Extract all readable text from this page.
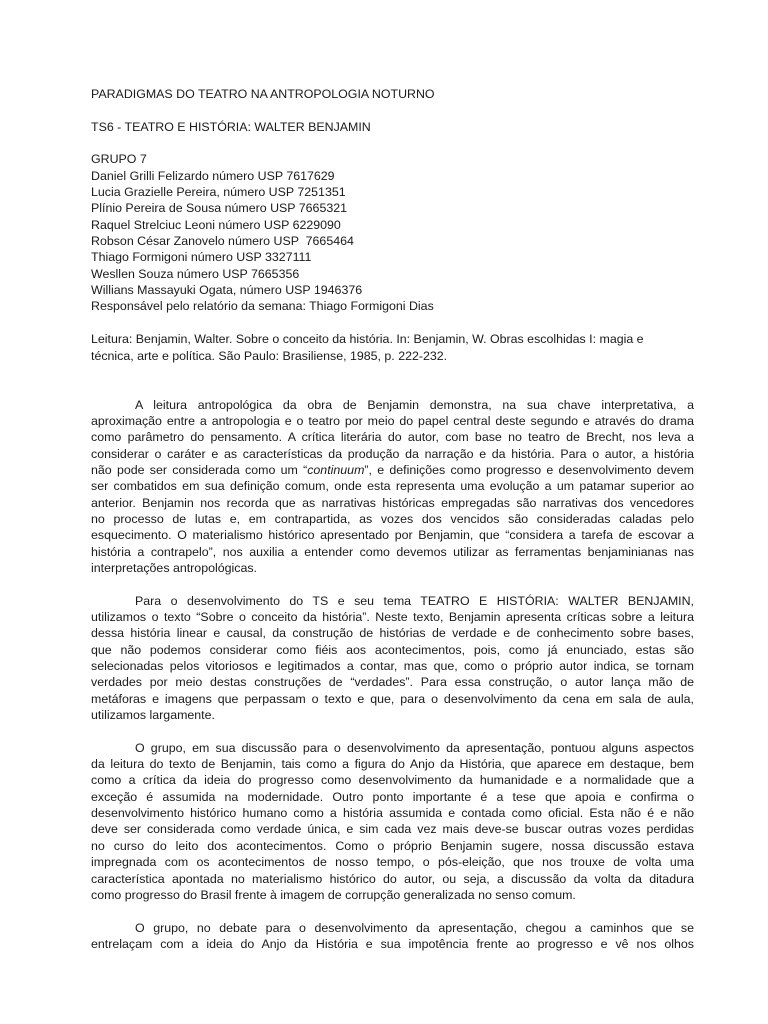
PARADIGMAS DO TEATRO NA ANTROPOLOGIA NOTURNO

TS6 - TEATRO E HISTÓRIA: WALTER BENJAMIN

GRUPO 7

Daniel Grilli Felizardo número USP 7617629

Lucia Grazielle Pereira, número USP 7251351

Plínio Pereira de Sousa número USP 7665321

Raquel Strelciuc Leoni número USP 6229090

Robson César Zanovelo número USP  7665464

Thiago Formigoni número USP 3327111

Wesllen Souza número USP 7665356

Willians Massayuki Ogata, número USP 1946376

Responsável pelo relatório da semana: Thiago Formigoni Dias

Leitura: Benjamin, Walter. Sobre o conceito da história. In: Benjamin, W. Obras escolhidas I: magia e

técnica, arte e política. São Paulo: Brasiliense, 1985, p. 222-232.

A leitura antropológica da obra de Benjamin demonstra, na sua chave interpretativa, a
aproximação entre a antropologia e o teatro por meio do papel central deste segundo e através do drama
como parâmetro do pensamento. A crítica literária do autor, com base no teatro de Brecht, nos leva a
considerar o caráter e as características da produção da narração e da história. Para o autor, a história
não pode ser considerada como um “continuum”, e definições como progresso e desenvolvimento devem
ser combatidos em sua definição comum, onde esta representa uma evolução a um patamar superior ao
anterior. Benjamin nos recorda que as narrativas históricas empregadas são narrativas dos vencedores
no processo de lutas e, em contrapartida, as vozes dos vencidos são consideradas caladas pelo
esquecimento. O materialismo histórico apresentado por Benjamin, que “considera a tarefa de escovar a
história a contrapelo”, nos auxilia a entender como devemos utilizar as ferramentas benjaminianas nas
interpretações antropológicas.
Para o desenvolvimento do TS e seu tema TEATRO E HISTÓRIA: WALTER BENJAMIN,
utilizamos o texto “Sobre o conceito da história”. Neste texto, Benjamin apresenta críticas sobre a leitura
dessa história linear e causal, da construção de histórias de verdade e de conhecimento sobre bases,
que não podemos considerar como fiéis aos acontecimentos, pois, como já enunciado, estas são
selecionadas pelos vitoriosos e legitimados a contar, mas que, como o próprio autor indica, se tornam
verdades por meio destas construções de “verdades”. Para essa construção, o autor lança mão de
metáforas e imagens que perpassam o texto e que, para o desenvolvimento da cena em sala de aula,
utilizamos largamente.
O grupo, em sua discussão para o desenvolvimento da apresentação, pontuou alguns aspectos
da leitura do texto de Benjamin, tais como a figura do Anjo da História, que aparece em destaque, bem
como a crítica da ideia do progresso como desenvolvimento da humanidade e a normalidade que a
exceção é assumida na modernidade. Outro ponto importante é a tese que apoia e confirma o
desenvolvimento histórico humano como a história assumida e contada como oficial. Esta não é e não
deve ser considerada como verdade única, e sim cada vez mais deve-se buscar outras vozes perdidas
no curso do leito dos acontecimentos. Como o próprio Benjamin sugere, nossa discussão estava
impregnada com os acontecimentos de nosso tempo, o pós-eleição, que nos trouxe de volta uma
característica apontada no materialismo histórico do autor, ou seja, a discussão da volta da ditadura
como progresso do Brasil frente à imagem de corrupção generalizada no senso comum.
O grupo, no debate para o desenvolvimento da apresentação, chegou a caminhos que se
entrelaçam com a ideia do Anjo da História e sua impotência frente ao progresso e vê nos olhos
